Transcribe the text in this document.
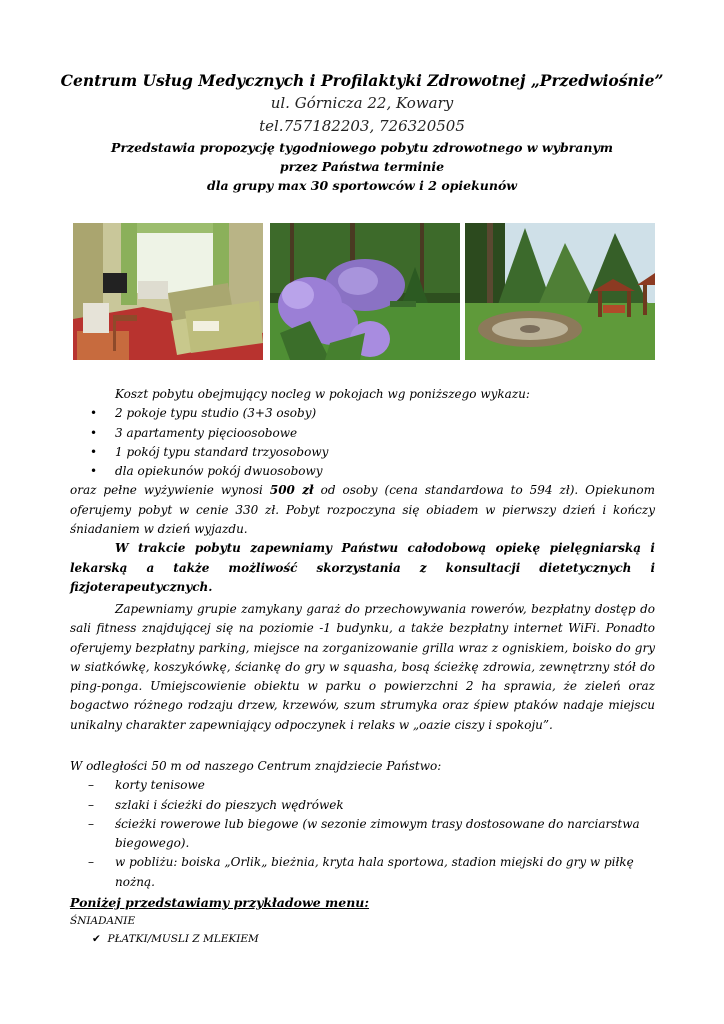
Centrum Usług Medycznych i Profilaktyki Zdrowotnej „Przedwiośnie”
ul. Górnicza 22, Kowary
tel.757182203, 726320505
Przedstawia propozycję tygodniowego pobytu zdrowotnego w wybranym
przez Państwa terminie
dla grupy max 30 sportowców i 2 opiekunów
Koszt pobytu obejmujący nocleg w pokojach wg poniższego wykazu:
• 2 pokoje typu studio (3+3 osoby)
• 3 apartamenty pięcioosobowe
• 1 pokój typu standard trzyosobowy
• dla opiekunów pokój dwuosobowy
oraz pełne wyżywienie wynosi 500 zł od osoby (cena standardowa to 594 zł). Opiekunom oferujemy pobyt w cenie 330 zł. Pobyt rozpoczyna się obiadem w pierwszy dzień i kończy śniadaniem w dzień wyjazdu.
W trakcie pobytu zapewniamy Państwu całodobową opiekę pielęgniarską i lekarską a także możliwość skorzystania z konsultacji dietetycznych i fizjoterapeutycznych.
Zapewniamy grupie zamykany garaż do przechowywania rowerów, bezpłatny dostęp do sali fitness znajdującej się na poziomie -1 budynku, a także bezpłatny internet WiFi. Ponadto oferujemy bezpłatny parking, miejsce na zorganizowanie grilla wraz z ogniskiem, boisko do gry w siatkówkę, koszykówkę, ściankę do gry w squasha, bosą ścieżkę zdrowia, zewnętrzny stół do ping-ponga. Umiejscowienie obiektu w parku o powierzchni 2 ha sprawia, że zieleń oraz bogactwo różnego rodzaju drzew, krzewów, szum strumyka oraz śpiew ptaków nadaje miejscu unikalny charakter zapewniający odpoczynek i relaks w „oazie ciszy i spokoju”.
W odległości 50 m od naszego Centrum znajdziecie Państwo:
– korty tenisowe
– szlaki i ścieżki do pieszych wędrówek
– ścieżki rowerowe lub biegowe (w sezonie zimowym trasy dostosowane do narciarstwa biegowego).
– w pobliżu: boiska „Orlik„ bieżnia, kryta hala sportowa, stadion miejski do gry w piłkę nożną.
Poniżej przedstawiamy przykładowe menu:
ŚNIADANIE
✔ PŁATKI/MUSLI Z MLEKIEM
